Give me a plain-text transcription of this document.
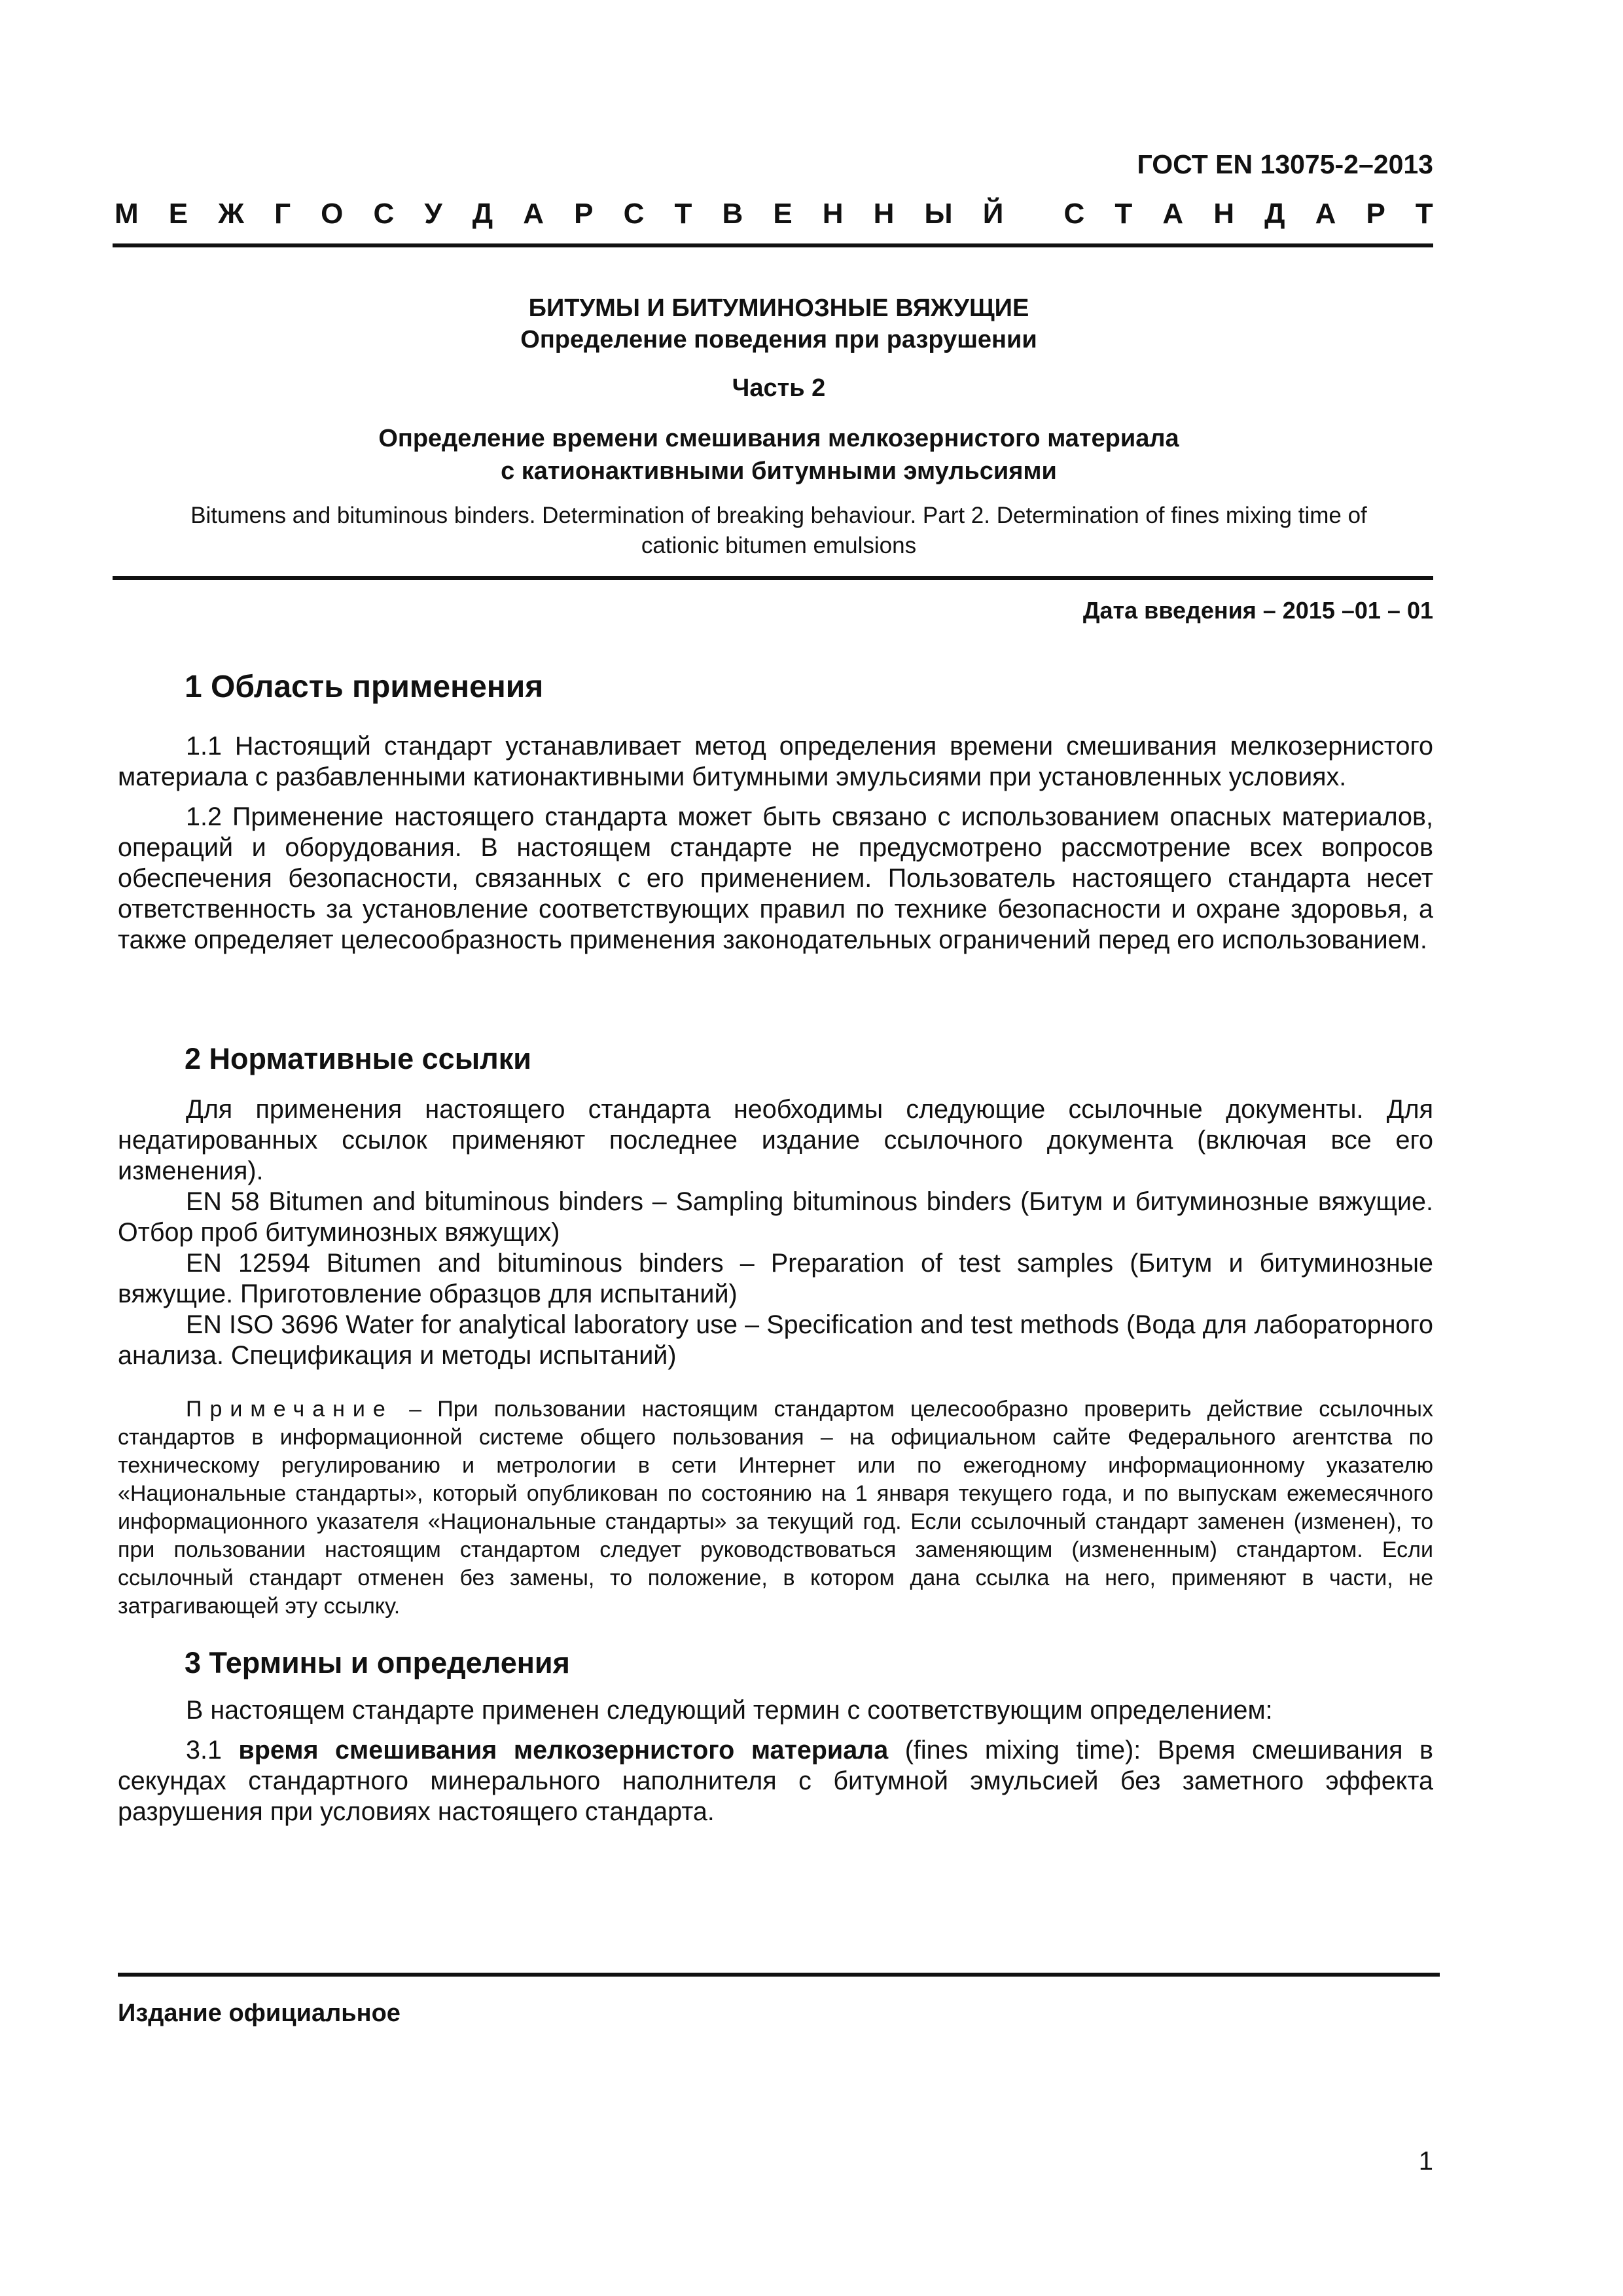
ГОСТ EN 13075-2–2013
М Е Ж Г О С У Д А Р С Т В Е Н Н Ы Й С Т А Н Д А Р Т
БИТУМЫ И БИТУМИНОЗНЫЕ ВЯЖУЩИЕ
Определение поведения при разрушении
Часть 2
Определение времени смешивания мелкозернистого материала
с катионактивными битумными эмульсиями
Bitumens and bituminous binders. Determination of breaking behaviour. Part 2. Determination of fines mixing time of
cationic bitumen emulsions
Дата введения – 2015 –01 – 01
1 Область применения

1.1 Настоящий стандарт устанавливает метод определения времени смешивания мелкозернистого материала с разбавленными катионактивными битумными эмульсиями при установленных условиях.

1.2 Применение настоящего стандарта может быть связано с использованием опасных материалов, операций и оборудования. В настоящем стандарте не предусмотрено рассмотрение всех вопросов обеспечения безопасности, связанных с его применением. Пользователь настоящего стандарта несет ответственность за установление соответствующих правил по технике безопасности и охране здоровья, а также определяет целесообразность применения законодательных ограничений перед его использованием.

2 Нормативные ссылки

Для применения настоящего стандарта необходимы следующие ссылочные документы. Для недатированных ссылок применяют последнее издание ссылочного документа (включая все его изменения).

EN 58 Bitumen and bituminous binders – Sampling bituminous binders (Битум и битуминозные вяжущие. Отбор проб битуминозных вяжущих)

EN 12594 Bitumen and bituminous binders – Preparation of test samples (Битум и битуминозные вяжущие. Приготовление образцов для испытаний)

EN ISO 3696 Water for analytical laboratory use – Specification and test methods (Вода для лабораторного анализа. Спецификация и методы испытаний)

Примечание – При пользовании настоящим стандартом целесообразно проверить действие ссылочных стандартов в информационной системе общего пользования – на официальном сайте Федерального агентства по техническому регулированию и метрологии в сети Интернет или по ежегодному информационному указателю «Национальные стандарты», который опубликован по состоянию на 1 января текущего года, и по выпускам ежемесячного информационного указателя «Национальные стандарты» за текущий год. Если ссылочный стандарт заменен (изменен), то при пользовании настоящим стандартом следует руководствоваться заменяющим (измененным) стандартом. Если ссылочный стандарт отменен без замены, то положение, в котором дана ссылка на него, применяют в части, не затрагивающей эту ссылку.

3 Термины и определения

В настоящем стандарте применен следующий термин с соответствующим определением:

3.1 время смешивания мелкозернистого материала (fines mixing time): Время смешивания в секундах стандартного минерального наполнителя с битумной эмульсией без заметного эффекта разрушения при условиях настоящего стандарта.

Издание официальное
1
